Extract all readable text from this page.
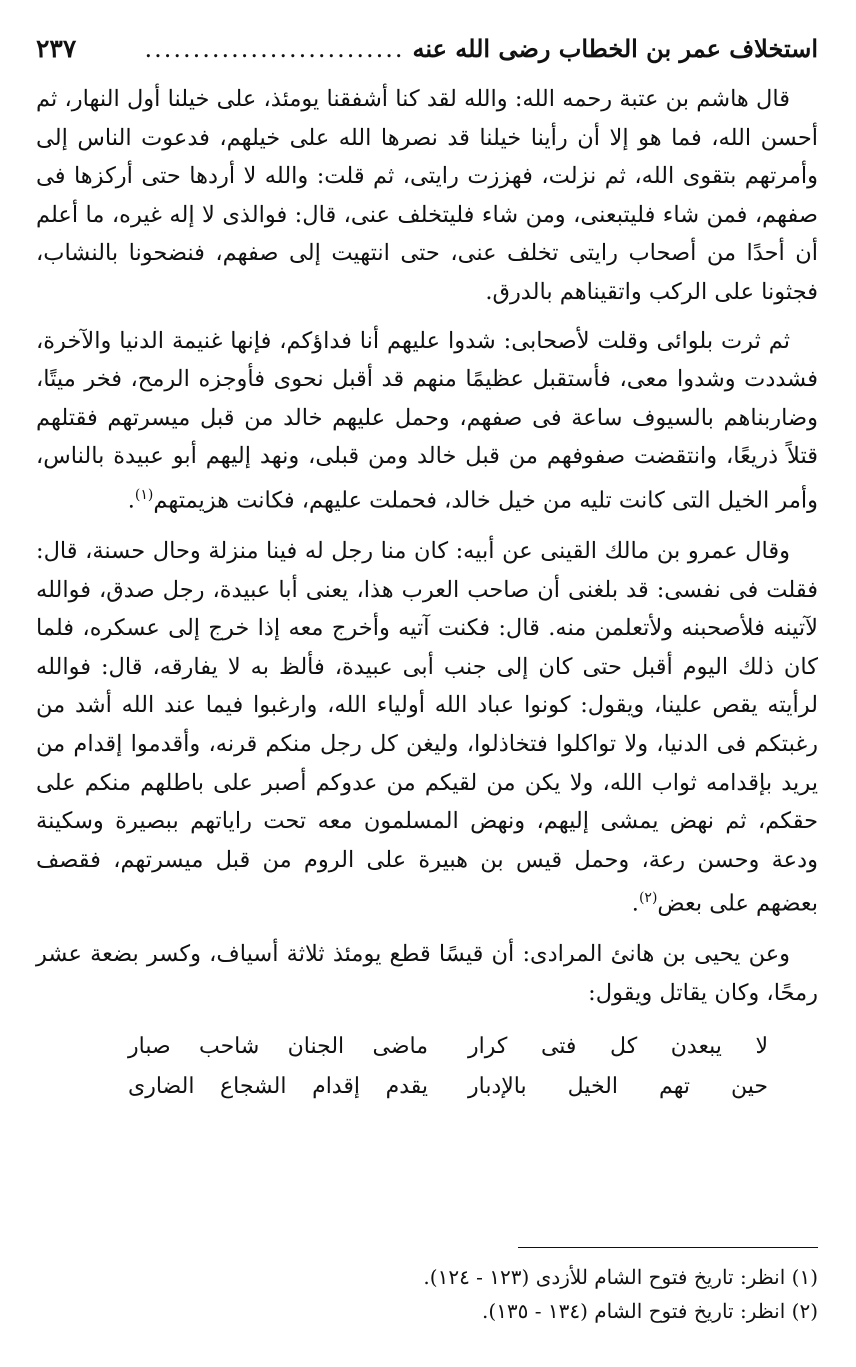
استخلاف عمر بن الخطاب رضى الله عنه
...........................
٢٣٧

قال هاشم بن عتبة رحمه الله: والله لقد كنا أشفقنا يومئذ، على خيلنا أول النهار، ثم أحسن الله، فما هو إلا أن رأينا خيلنا قد نصرها الله على خيلهم، فدعوت الناس إلى وأمرتهم بتقوى الله، ثم نزلت، فهززت رايتى، ثم قلت: والله لا أردها حتى أركزها فى صفهم، فمن شاء فليتبعنى، ومن شاء فليتخلف عنى، قال: فوالذى لا إله غيره، ما أعلم أن أحدًا من أصحاب رايتى تخلف عنى، حتى انتهيت إلى صفهم، فنضحونا بالنشاب، فجثونا على الركب واتقيناهم بالدرق.

ثم ثرت بلوائى وقلت لأصحابى: شدوا عليهم أنا فداؤكم، فإنها غنيمة الدنيا والآخرة، فشددت وشدوا معى، فأستقبل عظيمًا منهم قد أقبل نحوى فأوجزه الرمح، فخر ميتًا، وضاربناهم بالسيوف ساعة فى صفهم، وحمل عليهم خالد من قبل ميسرتهم فقتلهم قتلاً ذريعًا، وانتقضت صفوفهم من قبل خالد ومن قبلى، ونهد إليهم أبو عبيدة بالناس، وأمر الخيل التى كانت تليه من خيل خالد، فحملت عليهم، فكانت هزيمتهم$^{(١)}$.

وقال عمرو بن مالك القينى عن أبيه: كان منا رجل له فينا منزلة وحال حسنة، قال: فقلت فى نفسى: قد بلغنى أن صاحب العرب هذا، يعنى أبا عبيدة، رجل صدق، فوالله لآتينه فلأصحبنه ولأتعلمن منه. قال: فكنت آتيه وأخرج معه إذا خرج إلى عسكره، فلما كان ذلك اليوم أقبل حتى كان إلى جنب أبى عبيدة، فألظ به لا يفارقه، قال: فوالله لرأيته يقص علينا، ويقول: كونوا عباد الله أولياء الله، وارغبوا فيما عند الله أشد من رغبتكم فى الدنيا، ولا تواكلوا فتخاذلوا، وليغن كل رجل منكم قرنه، وأقدموا إقدام من يريد بإقدامه ثواب الله، ولا يكن من لقيكم من عدوكم أصبر على باطلهم منكم على حقكم، ثم نهض يمشى إليهم، ونهض المسلمون معه تحت راياتهم ببصيرة وسكينة ودعة وحسن رعة، وحمل قيس بن هبيرة على الروم من قبل ميسرتهم، فقصف بعضهم على بعض$^{(٢)}$.

وعن يحيى بن هانئ المرادى: أن قيسًا قطع يومئذ ثلاثة أسياف، وكسر بضعة عشر رمحًا، وكان يقاتل ويقول:

لا يبعدن كل فتى كرار
ماضى الجنان شاحب صبار
حين تهم الخيل بالإدبار
يقدم إقدام الشجاع الضارى
(١) انظر: تاريخ فتوح الشام للأزدى (١٢٣ - ١٢٤).
(٢) انظر: تاريخ فتوح الشام (١٣٤ - ١٣٥).
